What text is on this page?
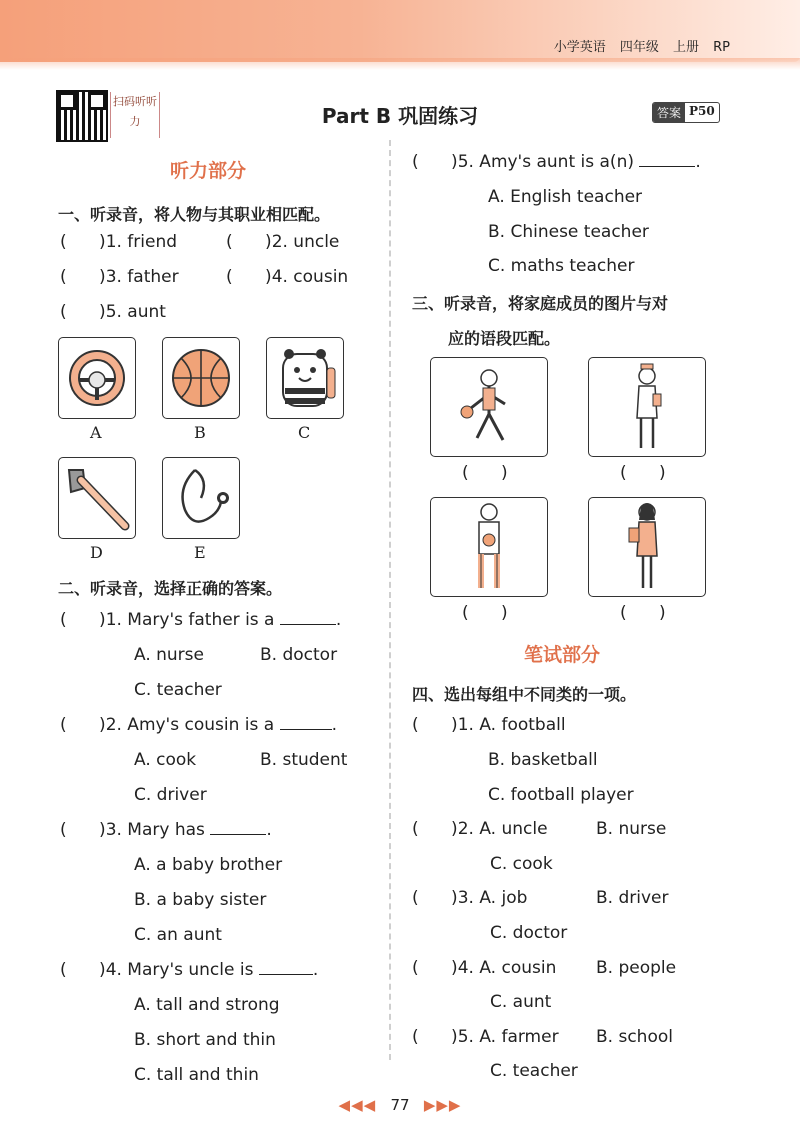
小学英语 四年级 上册 RP
扫码听听力	Part B 巩固练习	答案 P50
听力部分
一、听录音，将人物与其职业相匹配。
(      )1. friend	(      )2. uncle
(      )3. father	(      )4. cousin
(      )5. aunt
A	B	C
D	E
二、听录音，选择正确的答案。
(      )1. Mary's father is a	.
A. nurse	B. doctor
C. teacher
(      )2. Amy's cousin is a	.
A. cook	B. student
C. driver
(      )3. Mary has	.
A. a baby brother
B. a baby sister
C. an aunt
(      )4. Mary's uncle is	.
A. tall and strong
B. short and thin
C. tall and thin
(      )5. Amy's aunt is a(n)	.
A. English teacher
B. Chinese teacher
C. maths teacher
三、听录音，将家庭成员的图片与对
应的语段匹配。
(      )	(      )
(      )	(      )
笔试部分
四、选出每组中不同类的一项。
(      )1. A. football
B. basketball
C. football player
(      )2. A. uncle	B. nurse
C. cook
(      )3. A. job	B. driver
C. doctor
(      )4. A. cousin B. people
C. aunt
(      )5. A. farmer B. school
C. teacher
◀◀◀ 77 ▶▶▶
